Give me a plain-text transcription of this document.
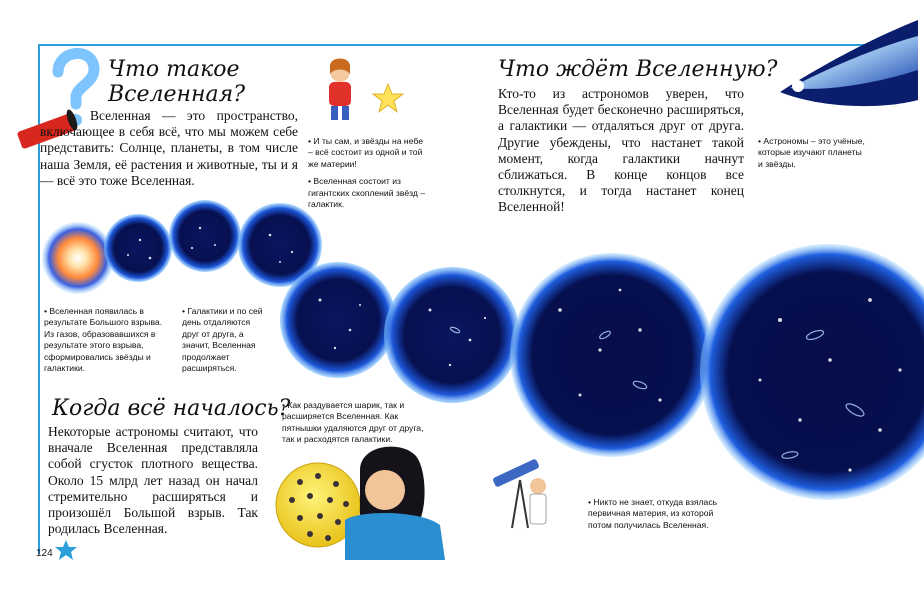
Что такое Вселенная?
Вселенная — это пространство, включающее в себя всё, что мы можем себе представить: Солнце, планеты, в том числе наша Земля, её растения и животные, ты и я — всё это тоже Вселенная.

• И ты сам, и звёзды на небе – всё состоит из одной и той же материи!

• Вселенная состоит из гигантских скоплений звёзд – галактик.

Что ждёт Вселенную?
Кто-то из астрономов уверен, что Вселенная будет бесконечно расширяться, а галактики — отдаляться друг от друга. Другие убеждены, что настанет такой момент, когда галактики начнут сближаться. В конце концов все столкнутся, и тогда настанет конец Вселенной!
• Астрономы – это учёные, которые изучают планеты и звёзды.
• Вселенная появилась в результате Большого взрыва. Из газов, образовавшихся в результате этого взрыва, сформировались звёзды и галактики.
• Галактики и по сей день отдаляются друг от друга, а значит, Вселенная продолжает расширяться.
Когда всё началось?
Некоторые астрономы считают, что вначале Вселенная представляла собой сгусток плотного вещества. Около 15 млрд лет назад он начал стремительно расширяться и произошёл Большой взрыв. Так родилась Вселенная.
• Как раздувается шарик, так и расширяется Вселенная. Как пятнышки удаляются друг от друга, так и расходятся галактики.
• Никто не знает, откуда взялась первичная материя, из которой потом получилась Вселенная.
124
